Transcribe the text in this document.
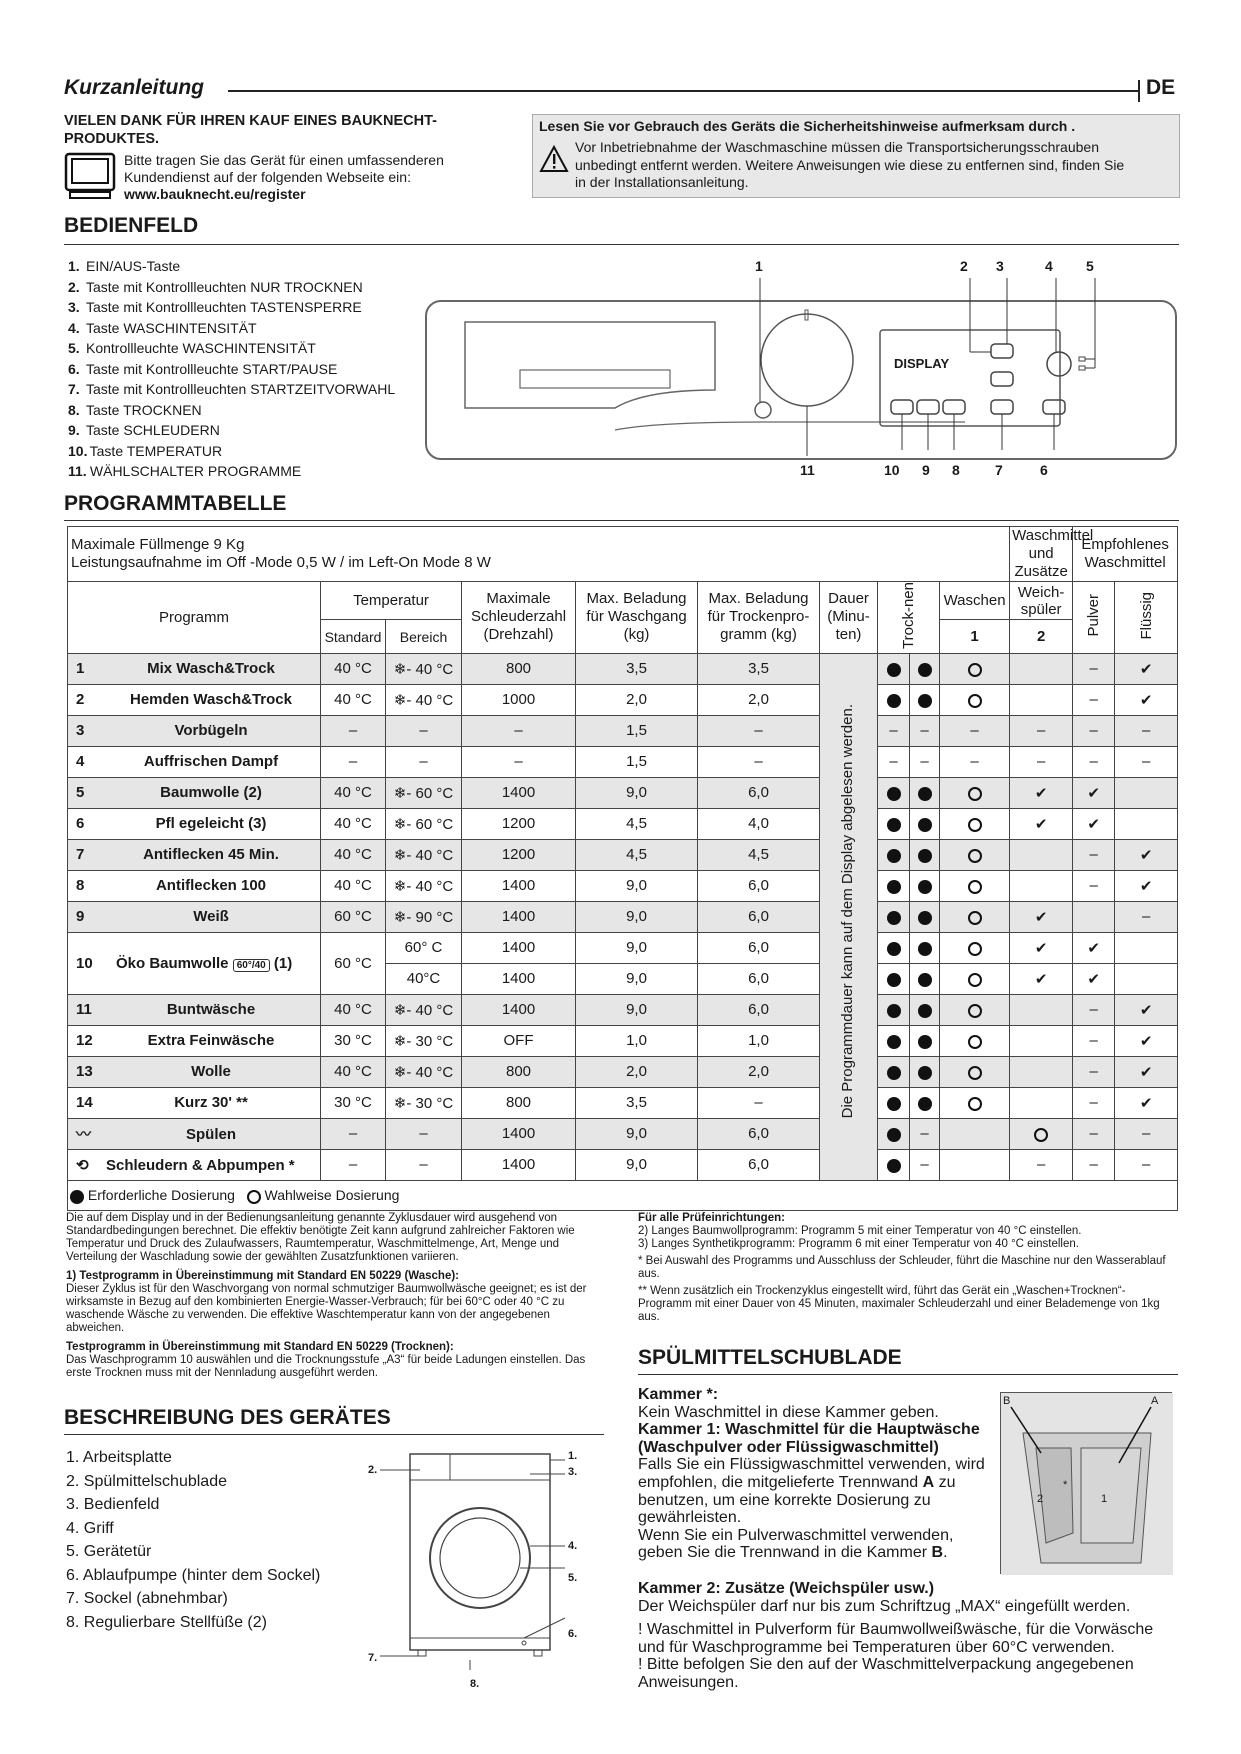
Kurzanleitung	DE
VIELEN DANK FÜR IHREN KAUF EINES BAUKNECHT-PRODUKTES.
Bitte tragen Sie das Gerät für einen umfassenderen
Kundendienst auf der folgenden Webseite ein:
www.bauknecht.eu/register
Lesen Sie vor Gebrauch des Geräts die Sicherheitshinweise aufmerksam durch .
Vor Inbetriebnahme der Waschmaschine müssen die Transportsicherungsschrauben
unbedingt entfernt werden. Weitere Anweisungen wie diese zu entfernen sind, finden Sie
in der Installationsanleitung.
BEDIENFELD
1. EIN/AUS-Taste
2. Taste mit Kontrollleuchten NUR TROCKNEN
3. Taste mit Kontrollleuchten TASTENSPERRE
4. Taste WASCHINTENSITÄT
5. Kontrollleuchte WASCHINTENSITÄT
6. Taste mit Kontrollleuchte START/PAUSE
7. Taste mit Kontrollleuchten STARTZEITVORWAHL
8. Taste TROCKNEN
9. Taste SCHLEUDERN
10. Taste TEMPERATUR
11. WÄHLSCHALTER PROGRAMME
1	2 3	4 5
11	10 9 8	7	6
DISPLAY
PROGRAMMTABELLE
Maximale Füllmenge 9 Kg
Leistungsaufnahme im Off -Mode 0,5 W / im Left-On Mode 8 W										Waschmittel und Zusätze	Empfohlenes Waschmittel	
Programm	Temperatur		Maximale Schleuderzahl (Drehzahl)	Max. Beladung für Waschgang (kg)	Max. Beladung für Trockenpro-gramm (kg)	Dauer (Minu-ten)	Trock-nen		Waschen	Weich-spüler	Pulver	Flüssig
	Standard	Bereich							1	2		
1 Mix Wasch&Trock	40 °C	❄- 40 °C	800	3,5	3,5						–	✔
2 Hemden Wasch&Trock	40 °C	❄- 40 °C	1000	2,0	2,0						–	✔
3 Vorbügeln	–	–	–	1,5	–		–	–	–	–	–	–
4 Auffrischen Dampf	–	–	–	1,5	–		–	–	–	–	–	–
5 Baumwolle (2)	40 °C	❄- 60 °C	1400	9,0	6,0					✔	✔	
6 Pfl egeleicht (3)	40 °C	❄- 60 °C	1200	4,5	4,0					✔	✔	
7 Antiflecken 45 Min.	40 °C	❄- 40 °C	1200	4,5	4,5						–	✔
8 Antiflecken 100	40 °C	❄- 40 °C	1400	9,0	6,0						–	✔
9 Weiß	60 °C	❄- 90 °C	1400	9,0	6,0					✔		–
10 Öko Baumwolle 60°/40 (1)	60 °C	60° C	1400	9,0	6,0					✔	✔	
		40°C	1400	9,0	6,0					✔	✔	
11 Buntwäsche	40 °C	❄- 40 °C	1400	9,0	6,0						–	✔
12 Extra Feinwäsche	30 °C	❄- 30 °C	OFF	1,0	1,0						–	✔
13 Wolle	40 °C	❄- 40 °C	800	2,0	2,0						–	✔
14 Kurz 30' **	30 °C	❄- 30 °C	800	3,5	–						–	✔
〰 Spülen	–	–	1400	9,0	6,0			–			–	–
⟲ Schleudern & Abpumpen *	–	–	1400	9,0	6,0			–		–	–	–
Erforderliche Dosierung Wahlweise Dosierung												
Die Programmdauer kann auf dem Display abgelesen werden.
Die auf dem Display und in der Bedienungsanleitung genannte Zyklusdauer wird ausgehend von Standardbedingungen berechnet. Die effektiv benötigte Zeit kann aufgrund zahlreicher Faktoren wie Temperatur und Druck des Zulaufwassers, Raumtemperatur, Waschmittelmenge, Art, Menge und Verteilung der Waschladung sowie der gewählten Zusatzfunktionen variieren.
1) Testprogramm in Übereinstimmung mit Standard EN 50229 (Wasche):
Dieser Zyklus ist für den Waschvorgang von normal schmutziger Baumwollwäsche geeignet; es ist der wirksamste in Bezug auf den kombinierten Energie-Wasser-Verbrauch; für bei 60°C oder 40 °C zu waschende Wäsche zu verwenden. Die effektive Waschtemperatur kann von der angegebenen abweichen.
Testprogramm in Übereinstimmung mit Standard EN 50229 (Trocknen):
Das Waschprogramm 10 auswählen und die Trocknungsstufe „A3“ für beide Ladungen einstellen. Das erste Trocknen muss mit der Nennladung ausgeführt werden.
Für alle Prüfeinrichtungen:
2) Langes Baumwollprogramm: Programm 5 mit einer Temperatur von 40 °C einstellen.
3) Langes Synthetikprogramm: Programm 6 mit einer Temperatur von 40 °C einstellen.
* Bei Auswahl des Programms und Ausschluss der Schleuder, führt die Maschine nur den Wasserablauf aus.
** Wenn zusätzlich ein Trockenzyklus eingestellt wird, führt das Gerät ein „Waschen+Trocknen“-Programm mit einer Dauer von 45 Minuten, maximaler Schleuderzahl und einer Belademenge von 1kg aus.
BESCHREIBUNG DES GERÄTES
1. Arbeitsplatte
2. Spülmittelschublade
3. Bedienfeld
4. Griff
5. Gerätetür
6. Ablaufpumpe (hinter dem Sockel)
7. Sockel (abnehmbar)
8. Regulierbare Stellfüße (2)
1.
2.	3.
4.
5.
6.
7.
8.
SPÜLMITTELSCHUBLADE
Kammer *:
Kein Waschmittel in diese Kammer geben.
Kammer 1: Waschmittel für die Hauptwäsche (Waschpulver oder Flüssigwaschmittel)
Falls Sie ein Flüssigwaschmittel verwenden, wird empfohlen, die mitgelieferte Trennwand A zu benutzen, um eine korrekte Dosierung zu gewährleisten.
Wenn Sie ein Pulverwaschmittel verwenden, geben Sie die Trennwand in die Kammer B.
Kammer 2: Zusätze (Weichspüler usw.)
Der Weichspüler darf nur bis zum Schriftzug „MAX“ eingefüllt werden.
! Waschmittel in Pulverform für Baumwollweißwäsche, für die Vorwäsche und für Waschprogramme bei Temperaturen über 60°C verwenden.
! Bitte befolgen Sie den auf der Waschmittelverpackung angegebenen Anweisungen.
B	A
2
*
1
